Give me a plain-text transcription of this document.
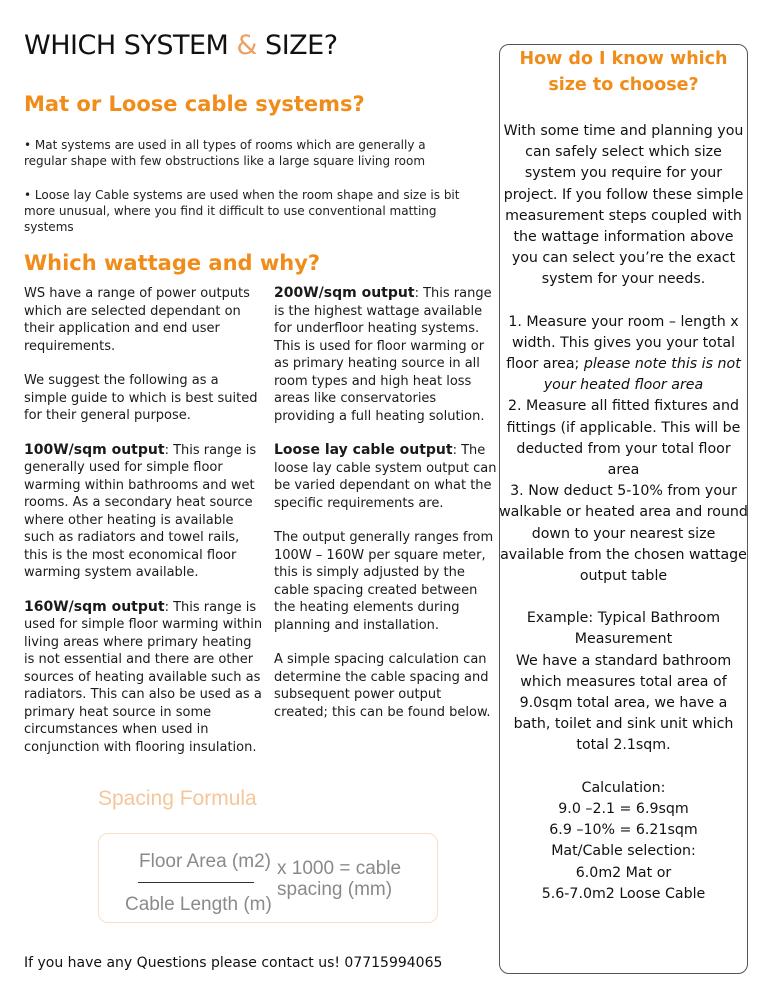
WHICH SYSTEM & SIZE?
Mat or Loose cable systems?
• Mat systems are used in all types of rooms which are generally a regular shape with few obstructions like a large square living room
• Loose lay Cable systems are used when the room shape and size is bit more unusual, where you find it difficult to use conventional matting systems
Which wattage and why?

WS have a range of power outputs which are selected dependant on their application and end user requirements.

We suggest the following as a simple guide to which is best suited for their general purpose.

100W/sqm output: This range is generally used for simple floor warming within bathrooms and wet rooms. As a secondary heat source where other heating is available such as radiators and towel rails, this is the most economical floor warming system available.

160W/sqm output: This range is used for simple floor warming within living areas where primary heating is not essential and there are other sources of heating available such as radiators. This can also be used as a primary heat source in some circumstances when used in conjunction with flooring insulation.

200W/sqm output: This range is the highest wattage available for underfloor heating systems. This is used for floor warming or as primary heating source in all room types and high heat loss areas like conservatories providing a full heating solution.

Loose lay cable output: The loose lay cable system output can be varied dependant on what the specific requirements are.

The output generally ranges from 100W – 160W per square meter, this is simply adjusted by the cable spacing created between the heating elements during planning and installation.

A simple spacing calculation can determine the cable spacing and subsequent power output created; this can be found below.

Spacing Formula
Floor Area (m2)
Cable Length (m)
x 1000 = cable
spacing (mm)
If you have any Questions please contact us! 07715994065
How do I know which size to choose?

With some time and planning you can safely select which size system you require for your project. If you follow these simple measurement steps coupled with the wattage information above you can select you’re the exact system for your needs.

1. Measure your room – length x width. This gives you your total floor area; please note this is not your heated floor area

2. Measure all fitted fixtures and fittings (if applicable. This will be deducted from your total floor area

3. Now deduct 5-10% from your walkable or heated area and round down to your nearest size available from the chosen wattage output table

Example: Typical Bathroom Measurement

We have a standard bathroom which measures total area of 9.0sqm total area, we have a bath, toilet and sink unit which total 2.1sqm.

Calculation:

9.0 –2.1 = 6.9sqm

6.9 –10% = 6.21sqm

Mat/Cable selection:

6.0m2 Mat or

5.6-7.0m2 Loose Cable
